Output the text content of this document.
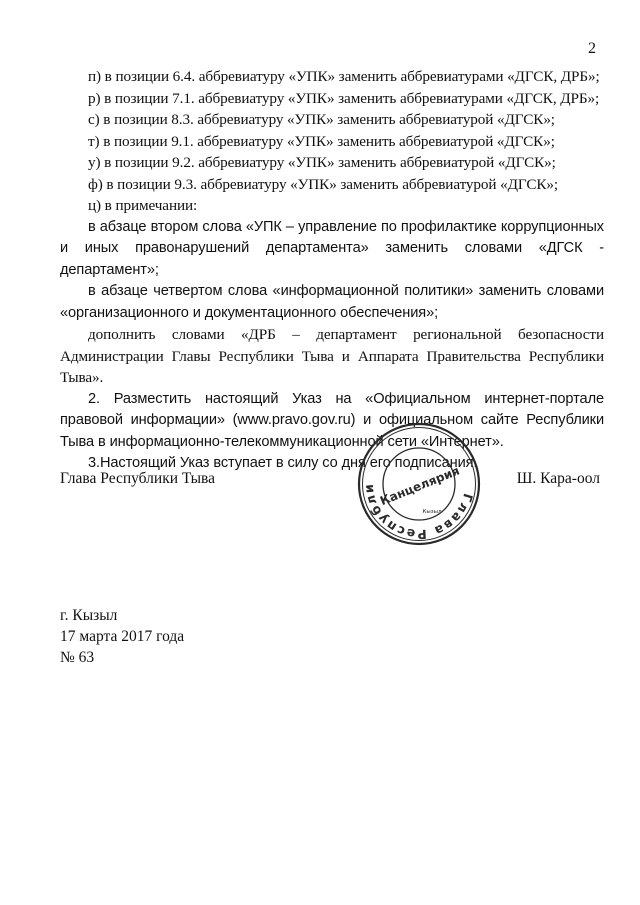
2

п) в позиции 6.4. аббревиатуру «УПК» заменить аббревиатурами «ДГСК, ДРБ»;

р) в позиции 7.1. аббревиатуру «УПК» заменить аббревиатурами «ДГСК, ДРБ»;

с) в позиции 8.3. аббревиатуру «УПК» заменить аббревиатурой «ДГСК»;

т) в позиции 9.1. аббревиатуру «УПК» заменить аббревиатурой «ДГСК»;

у) в позиции 9.2. аббревиатуру «УПК» заменить аббревиатурой «ДГСК»;

ф) в позиции 9.3. аббревиатуру «УПК» заменить аббревиатурой «ДГСК»;

ц) в примечании:

в абзаце втором слова «УПК – управление по профилактике коррупционных и иных правонарушений департамента» заменить словами «ДГСК - департамент»;

в абзаце четвертом слова «информационной политики» заменить словами «организационного и документационного обеспечения»;

дополнить словами «ДРБ – департамент региональной безопасности Администрации Главы Республики Тыва и Аппарата Правительства Республики Тыва».

2. Разместить настоящий Указ на «Официальном интернет-портале правовой информации» (www.pravo.gov.ru) и официальном сайте Республики Тыва в информационно-телекоммуникационной сети «Интернет».

3.Настоящий Указ вступает в силу со дня его подписания.

Глава Республики Тыва	Ш. Кара-оол
Глава Республи Канцелярия
Кызыл
г. Кызыл
17 марта 2017 года
№ 63
